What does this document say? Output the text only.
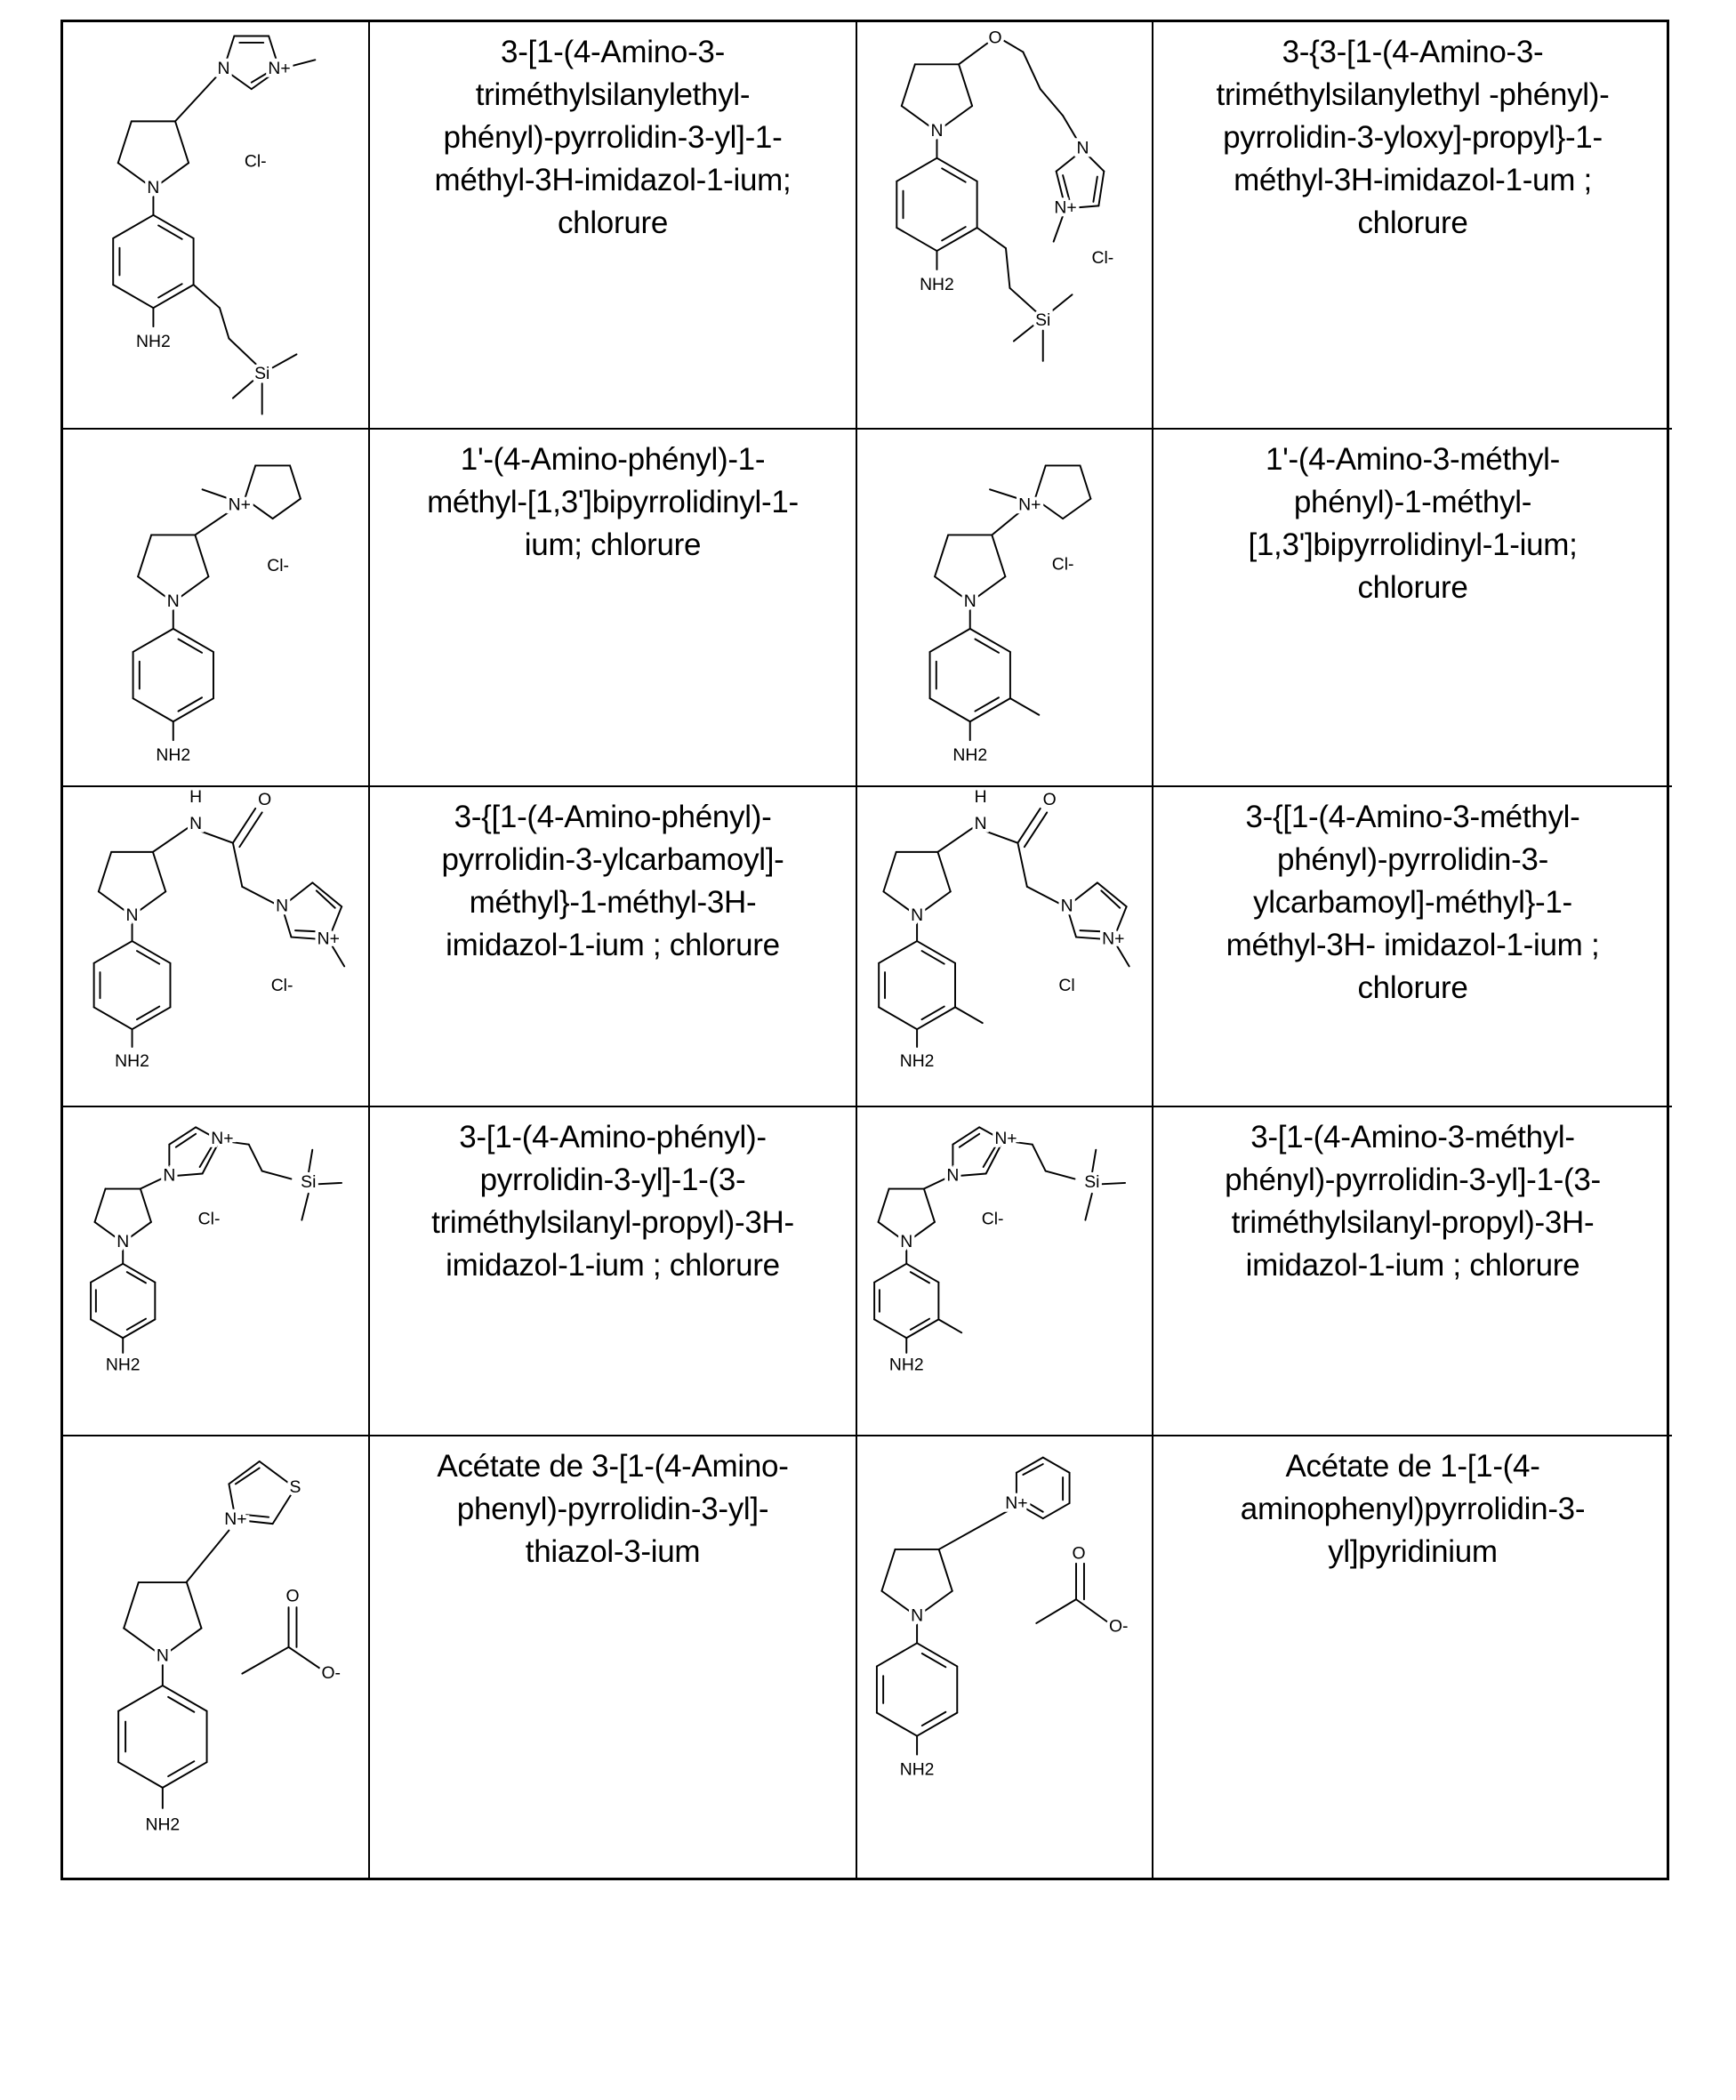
N
NH2
N	N+
Cl-
Si
3-[1-(4-Amino-3-
triméthylsilanylethyl-
phényl)-pyrrolidin-3-yl]-1-
méthyl-3H-imidazol-1-ium;
chlorure
N
NH2
O
N
N+
Cl-
Si
3-{3-[1-(4-Amino-3-
triméthylsilanylethyl -phényl)-
pyrrolidin-3-yloxy]-propyl}-1-
méthyl-3H-imidazol-1-um ;
chlorure
N
NH2
N+
Cl-
1'-(4-Amino-phényl)-1-
méthyl-[1,3']bipyrrolidinyl-1-
ium; chlorure
N
NH2
N+
Cl-
1'-(4-Amino-3-méthyl-
phényl)-1-méthyl-
[1,3']bipyrrolidinyl-1-ium;
chlorure
N
NH2
H
N
O
N
N+
Cl-
3-{[1-(4-Amino-phényl)-
pyrrolidin-3-ylcarbamoyl]-
méthyl}-1-méthyl-3H-
imidazol-1-ium ; chlorure
N
NH2
H
N
O
N
N+
Cl
3-{[1-(4-Amino-3-méthyl-
phényl)-pyrrolidin-3-
ylcarbamoyl]-méthyl}-1-
méthyl-3H- imidazol-1-ium ;
chlorure
N
NH2
N
N+
Si
Cl-
3-[1-(4-Amino-phényl)-
pyrrolidin-3-yl]-1-(3-
triméthylsilanyl-propyl)-3H-
imidazol-1-ium ; chlorure
N
NH2
N
N+
Si
Cl-
3-[1-(4-Amino-3-méthyl-
phényl)-pyrrolidin-3-yl]-1-(3-
triméthylsilanyl-propyl)-3H-
imidazol-1-ium ; chlorure
N
NH2
N+
S
O
O-
Acétate de 3-[1-(4-Amino-
phenyl)-pyrrolidin-3-yl]-
thiazol-3-ium
N
NH2
N+
O
O-
Acétate de 1-[1-(4-
aminophenyl)pyrrolidin-3-
yl]pyridinium
